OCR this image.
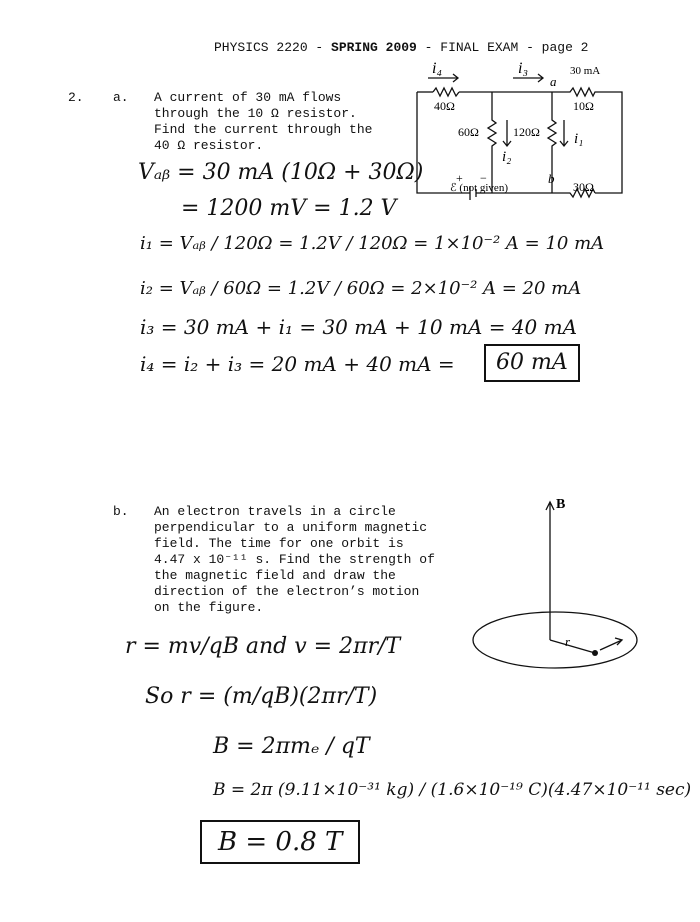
PHYSICS 2220 - SPRING 2009 - FINAL EXAM - page 2
2. a. A current of 30 mA flows
through the 10 Ω resistor.
Find the current through the
40 Ω resistor.
i₄	i₃	30 mA
a
40Ω	10Ω
60Ω	120Ω
i₂
i₁
+ −	b
ℰ (not given)	30Ω
Vₐᵦ = 30 mA (10Ω + 30Ω)
= 1200 mV = 1.2 V
i₁ = Vₐᵦ / 120Ω = 1.2V / 120Ω = 1×10⁻² A = 10 mA
i₂ = Vₐᵦ / 60Ω = 1.2V / 60Ω = 2×10⁻² A = 20 mA
i₃ = 30 mA + i₁ = 30 mA + 10 mA = 40 mA
i₄ = i₂ + i₃ = 20 mA + 40 mA =	60 mA
b. An electron travels in a circle
perpendicular to a uniform magnetic
field. The time for one orbit is
4.47 x 10⁻¹¹ s. Find the strength of
the magnetic field and draw the
direction of the electron’s motion
on the figure.
B
r
r = mv/qB and v = 2πr/T
So r = (m/qB)(2πr/T)
B = 2πmₑ / qT
B = 2π (9.11×10⁻³¹ kg) / (1.6×10⁻¹⁹ C)(4.47×10⁻¹¹ sec)
B = 0.8 T
